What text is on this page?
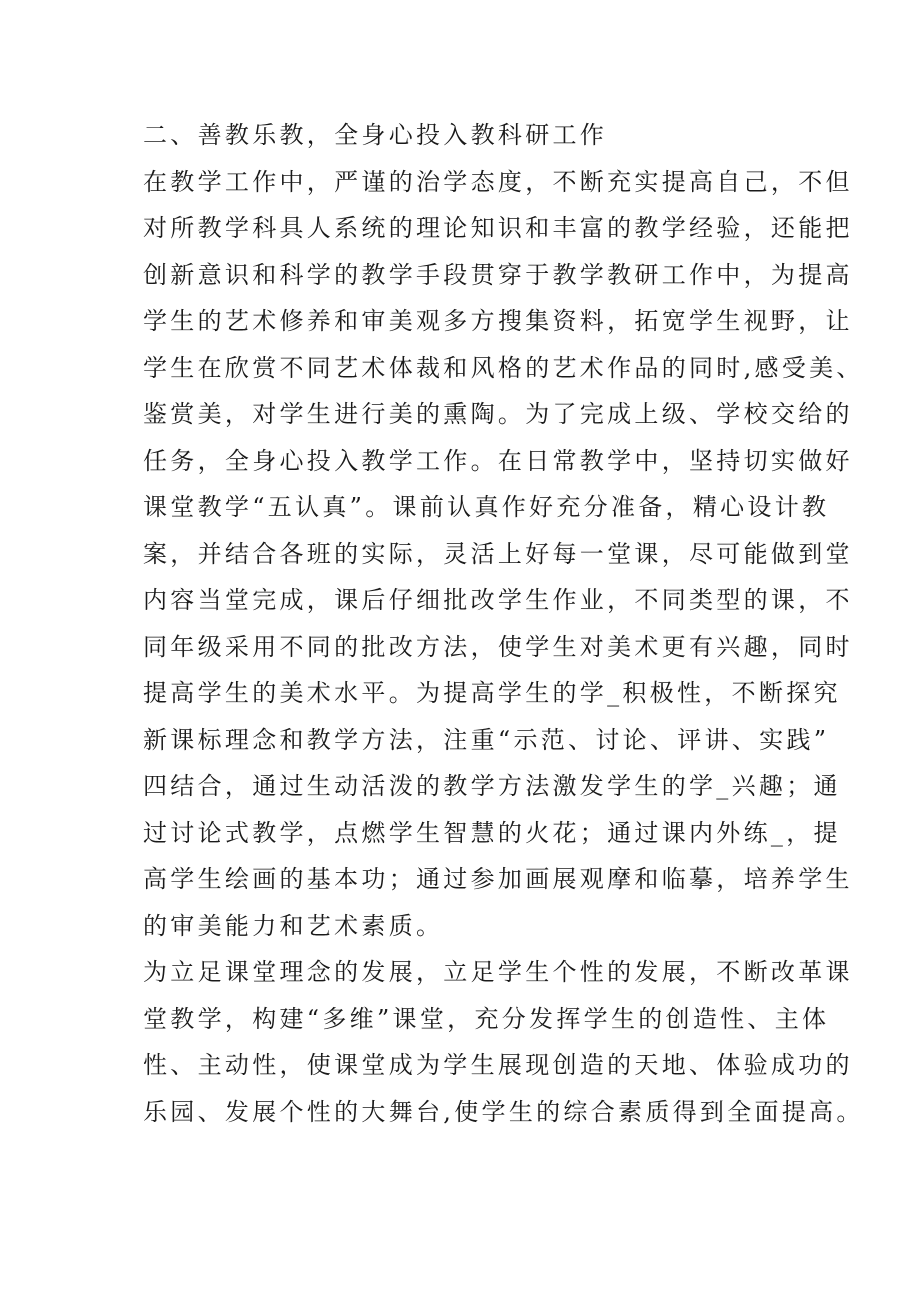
二、善教乐教，全身心投入教科研工作
在教学工作中，严谨的治学态度，不断充实提高自己，不但
对所教学科具人系统的理论知识和丰富的教学经验，还能把
创新意识和科学的教学手段贯穿于教学教研工作中，为提高
学生的艺术修养和审美观多方搜集资料，拓宽学生视野，让
学生在欣赏不同艺术体裁和风格的艺术作品的同时,感受美、
鉴赏美，对学生进行美的熏陶。为了完成上级、学校交给的
任务，全身心投入教学工作。在日常教学中，坚持切实做好
课堂教学“五认真”。课前认真作好充分准备，精心设计教
案，并结合各班的实际，灵活上好每一堂课，尽可能做到堂
内容当堂完成，课后仔细批改学生作业，不同类型的课，不
同年级采用不同的批改方法，使学生对美术更有兴趣，同时
提高学生的美术水平。为提高学生的学_积极性，不断探究
新课标理念和教学方法，注重“示范、讨论、评讲、实践”
四结合，通过生动活泼的教学方法激发学生的学_兴趣；通
过讨论式教学，点燃学生智慧的火花；通过课内外练_，提
高学生绘画的基本功；通过参加画展观摩和临摹，培养学生
的审美能力和艺术素质。
为立足课堂理念的发展，立足学生个性的发展，不断改革课
堂教学，构建“多维”课堂，充分发挥学生的创造性、主体
性、主动性，使课堂成为学生展现创造的天地、体验成功的
乐园、发展个性的大舞台,使学生的综合素质得到全面提高。
